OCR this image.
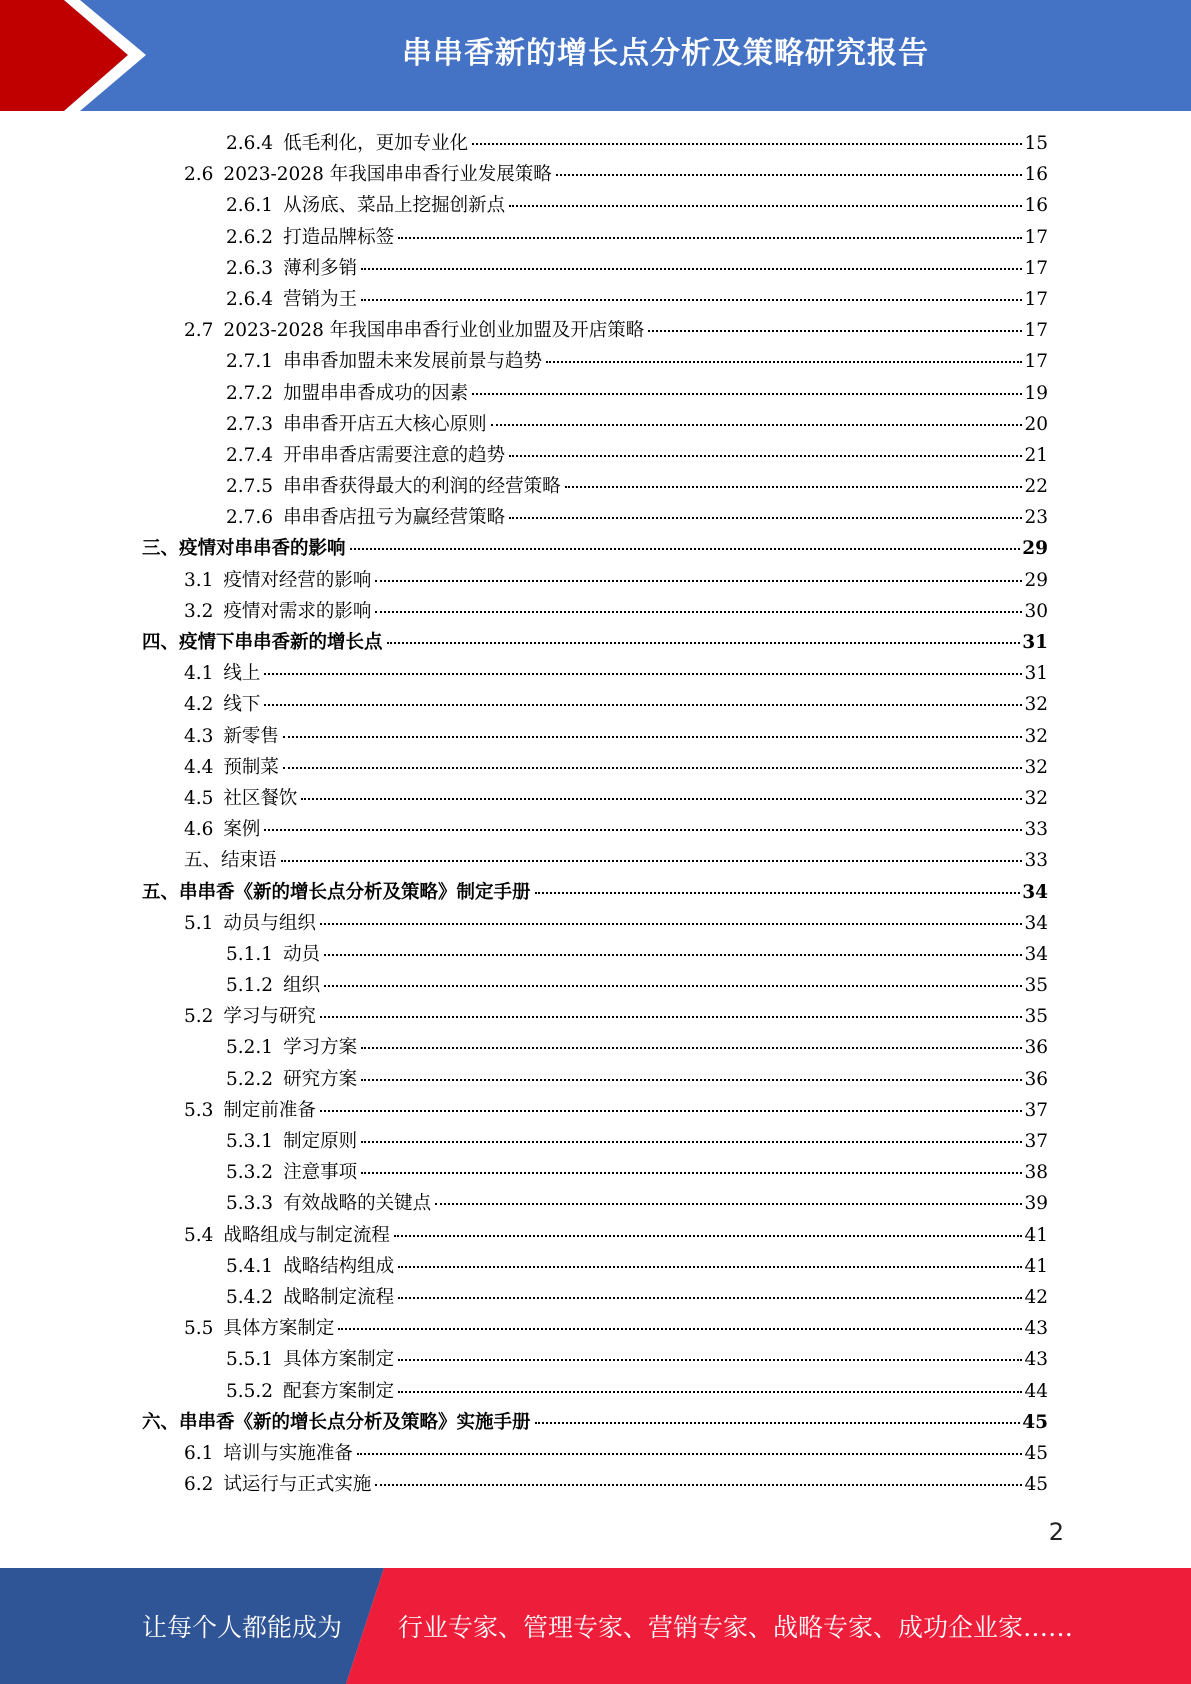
串串香新的增长点分析及策略研究报告
2.6.4 低毛利化，更加专业化	15
2.6 2023-2028 年我国串串香行业发展策略	16
2.6.1 从汤底、菜品上挖掘创新点	16
2.6.2 打造品牌标签	17
2.6.3 薄利多销	17
2.6.4 营销为王	17
2.7 2023-2028 年我国串串香行业创业加盟及开店策略	17
2.7.1 串串香加盟未来发展前景与趋势	17
2.7.2 加盟串串香成功的因素	19
2.7.3 串串香开店五大核心原则	20
2.7.4 开串串香店需要注意的趋势	21
2.7.5 串串香获得最大的利润的经营策略	22
2.7.6 串串香店扭亏为赢经营策略	23
三、疫情对串串香的影响	29
3.1 疫情对经营的影响	29
3.2 疫情对需求的影响	30
四、疫情下串串香新的增长点	31
4.1 线上	31
4.2 线下	32
4.3 新零售	32
4.4 预制菜	32
4.5 社区餐饮	32
4.6 案例	33
五、结束语	33
五、串串香《新的增长点分析及策略》制定手册	34
5.1 动员与组织	34
5.1.1 动员	34
5.1.2 组织	35
5.2 学习与研究	35
5.2.1 学习方案	36
5.2.2 研究方案	36
5.3 制定前准备	37
5.3.1 制定原则	37
5.3.2 注意事项	38
5.3.3 有效战略的关键点	39
5.4 战略组成与制定流程	41
5.4.1 战略结构组成	41
5.4.2 战略制定流程	42
5.5 具体方案制定	43
5.5.1 具体方案制定	43
5.5.2 配套方案制定	44
六、串串香《新的增长点分析及策略》实施手册	45
6.1 培训与实施准备	45
6.2 试运行与正式实施	45
2
让每个人都能成为 行业专家、管理专家、营销专家、战略专家、成功企业家……
